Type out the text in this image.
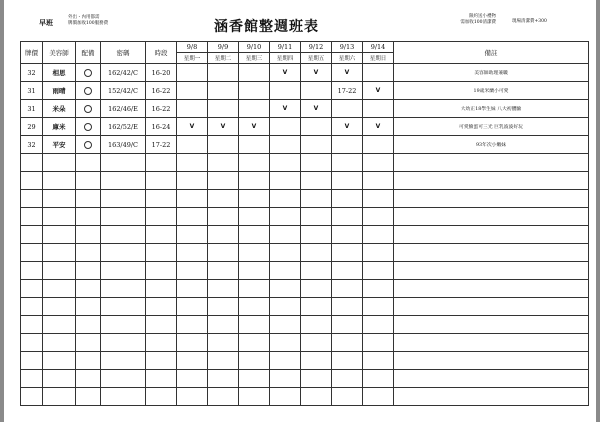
早班
外出・內用都需
牌價加收100服務費	涵香館整週班表
限約送小禮物
需加收100清潔費	現場清潔費+300
牌價	美容師	配備	密碼	時段	9/8	9/9	9/10	9/11	9/12	9/13	9/14	備註
					星期一	星期二	星期三	星期四	星期五	星期六	星期日	
32	相思		162/42/C	16-20				V	V	V		美容師助理兼職
31	雨晴		152/42/C	16-22						17-22	V	19歲米蘭小可愛
31	米朵		162/46/E	16-22				V	V			大幼正18學生妹 八大初體驗
29	庫米		162/52/E	16-24	V	V	V			V	V	可愛臉蛋可三光 巨乳波波好玩
32	平安		163/49/C	17-22								93年次小嫩妹
